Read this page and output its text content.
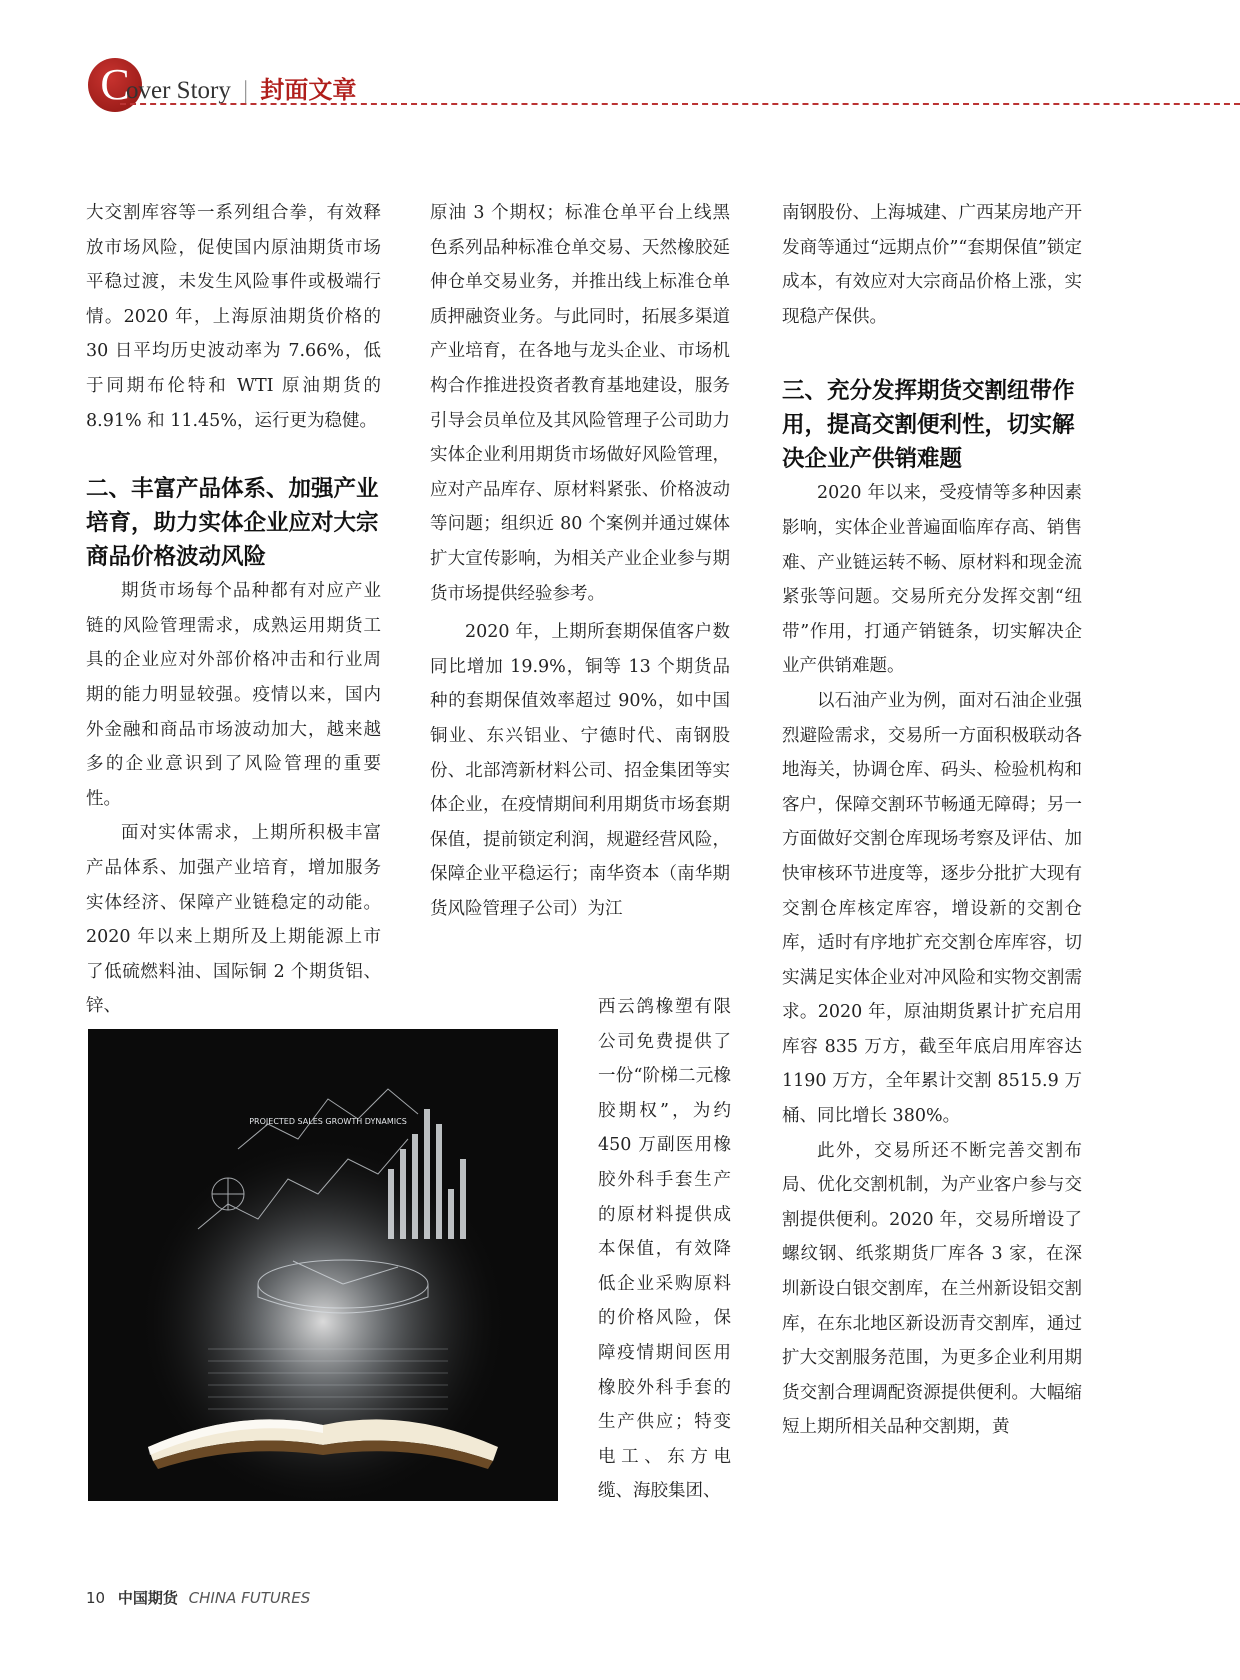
C
over Story | 封面文章

大交割库容等一系列组合拳，有效释放市场风险，促使国内原油期货市场平稳过渡，未发生风险事件或极端行情。2020 年，上海原油期货价格的 30 日平均历史波动率为 7.66%，低于同期布伦特和 WTI 原油期货的 8.91% 和 11.45%，运行更为稳健。

二、丰富产品体系、加强产业培育，助力实体企业应对大宗商品价格波动风险

期货市场每个品种都有对应产业链的风险管理需求，成熟运用期货工具的企业应对外部价格冲击和行业周期的能力明显较强。疫情以来，国内外金融和商品市场波动加大，越来越多的企业意识到了风险管理的重要性。

面对实体需求，上期所积极丰富产品体系、加强产业培育，增加服务实体经济、保障产业链稳定的动能。2020 年以来上期所及上期能源上市了低硫燃料油、国际铜 2 个期货铝、锌、

原油 3 个期权；标准仓单平台上线黑色系列品种标准仓单交易、天然橡胶延伸仓单交易业务，并推出线上标准仓单质押融资业务。与此同时，拓展多渠道产业培育，在各地与龙头企业、市场机构合作推进投资者教育基地建设，服务引导会员单位及其风险管理子公司助力实体企业利用期货市场做好风险管理，应对产品库存、原材料紧张、价格波动等问题；组织近 80 个案例并通过媒体扩大宣传影响，为相关产业企业参与期货市场提供经验参考。

2020 年，上期所套期保值客户数同比增加 19.9%，铜等 13 个期货品种的套期保值效率超过 90%，如中国铜业、东兴铝业、宁德时代、南钢股份、北部湾新材料公司、招金集团等实体企业，在疫情期间利用期货市场套期保值，提前锁定利润，规避经营风险，保障企业平稳运行；南华资本（南华期货风险管理子公司）为江

西云鸽橡塑有限公司免费提供了一份“阶梯二元橡胶期权”，为约 450 万副医用橡胶外科手套生产的原材料提供成本保值，有效降低企业采购原料的价格风险，保障疫情期间医用橡胶外科手套的生产供应；特变电工、东方电缆、海胶集团、

南钢股份、上海城建、广西某房地产开发商等通过“远期点价”“套期保值”锁定成本，有效应对大宗商品价格上涨，实现稳产保供。

三、充分发挥期货交割纽带作用，提高交割便利性，切实解决企业产供销难题

2020 年以来，受疫情等多种因素影响，实体企业普遍面临库存高、销售难、产业链运转不畅、原材料和现金流紧张等问题。交易所充分发挥交割“纽带”作用，打通产销链条，切实解决企业产供销难题。

以石油产业为例，面对石油企业强烈避险需求，交易所一方面积极联动各地海关，协调仓库、码头、检验机构和客户，保障交割环节畅通无障碍；另一方面做好交割仓库现场考察及评估、加快审核环节进度等，逐步分批扩大现有交割仓库核定库容，增设新的交割仓库，适时有序地扩充交割仓库库容，切实满足实体企业对冲风险和实物交割需求。2020 年，原油期货累计扩充启用库容 835 万方，截至年底启用库容达 1190 万方，全年累计交割 8515.9 万桶、同比增长 380%。

此外，交易所还不断完善交割布局、优化交割机制，为产业客户参与交割提供便利。2020 年，交易所增设了螺纹钢、纸浆期货厂库各 3 家，在深圳新设白银交割库，在兰州新设铝交割库，在东北地区新设沥青交割库，通过扩大交割服务范围，为更多企业利用期货交割合理调配资源提供便利。大幅缩短上期所相关品种交割期，黄

PROJECTED SALES GROWTH DYNAMICS
10 中国期货 CHINA FUTURES
